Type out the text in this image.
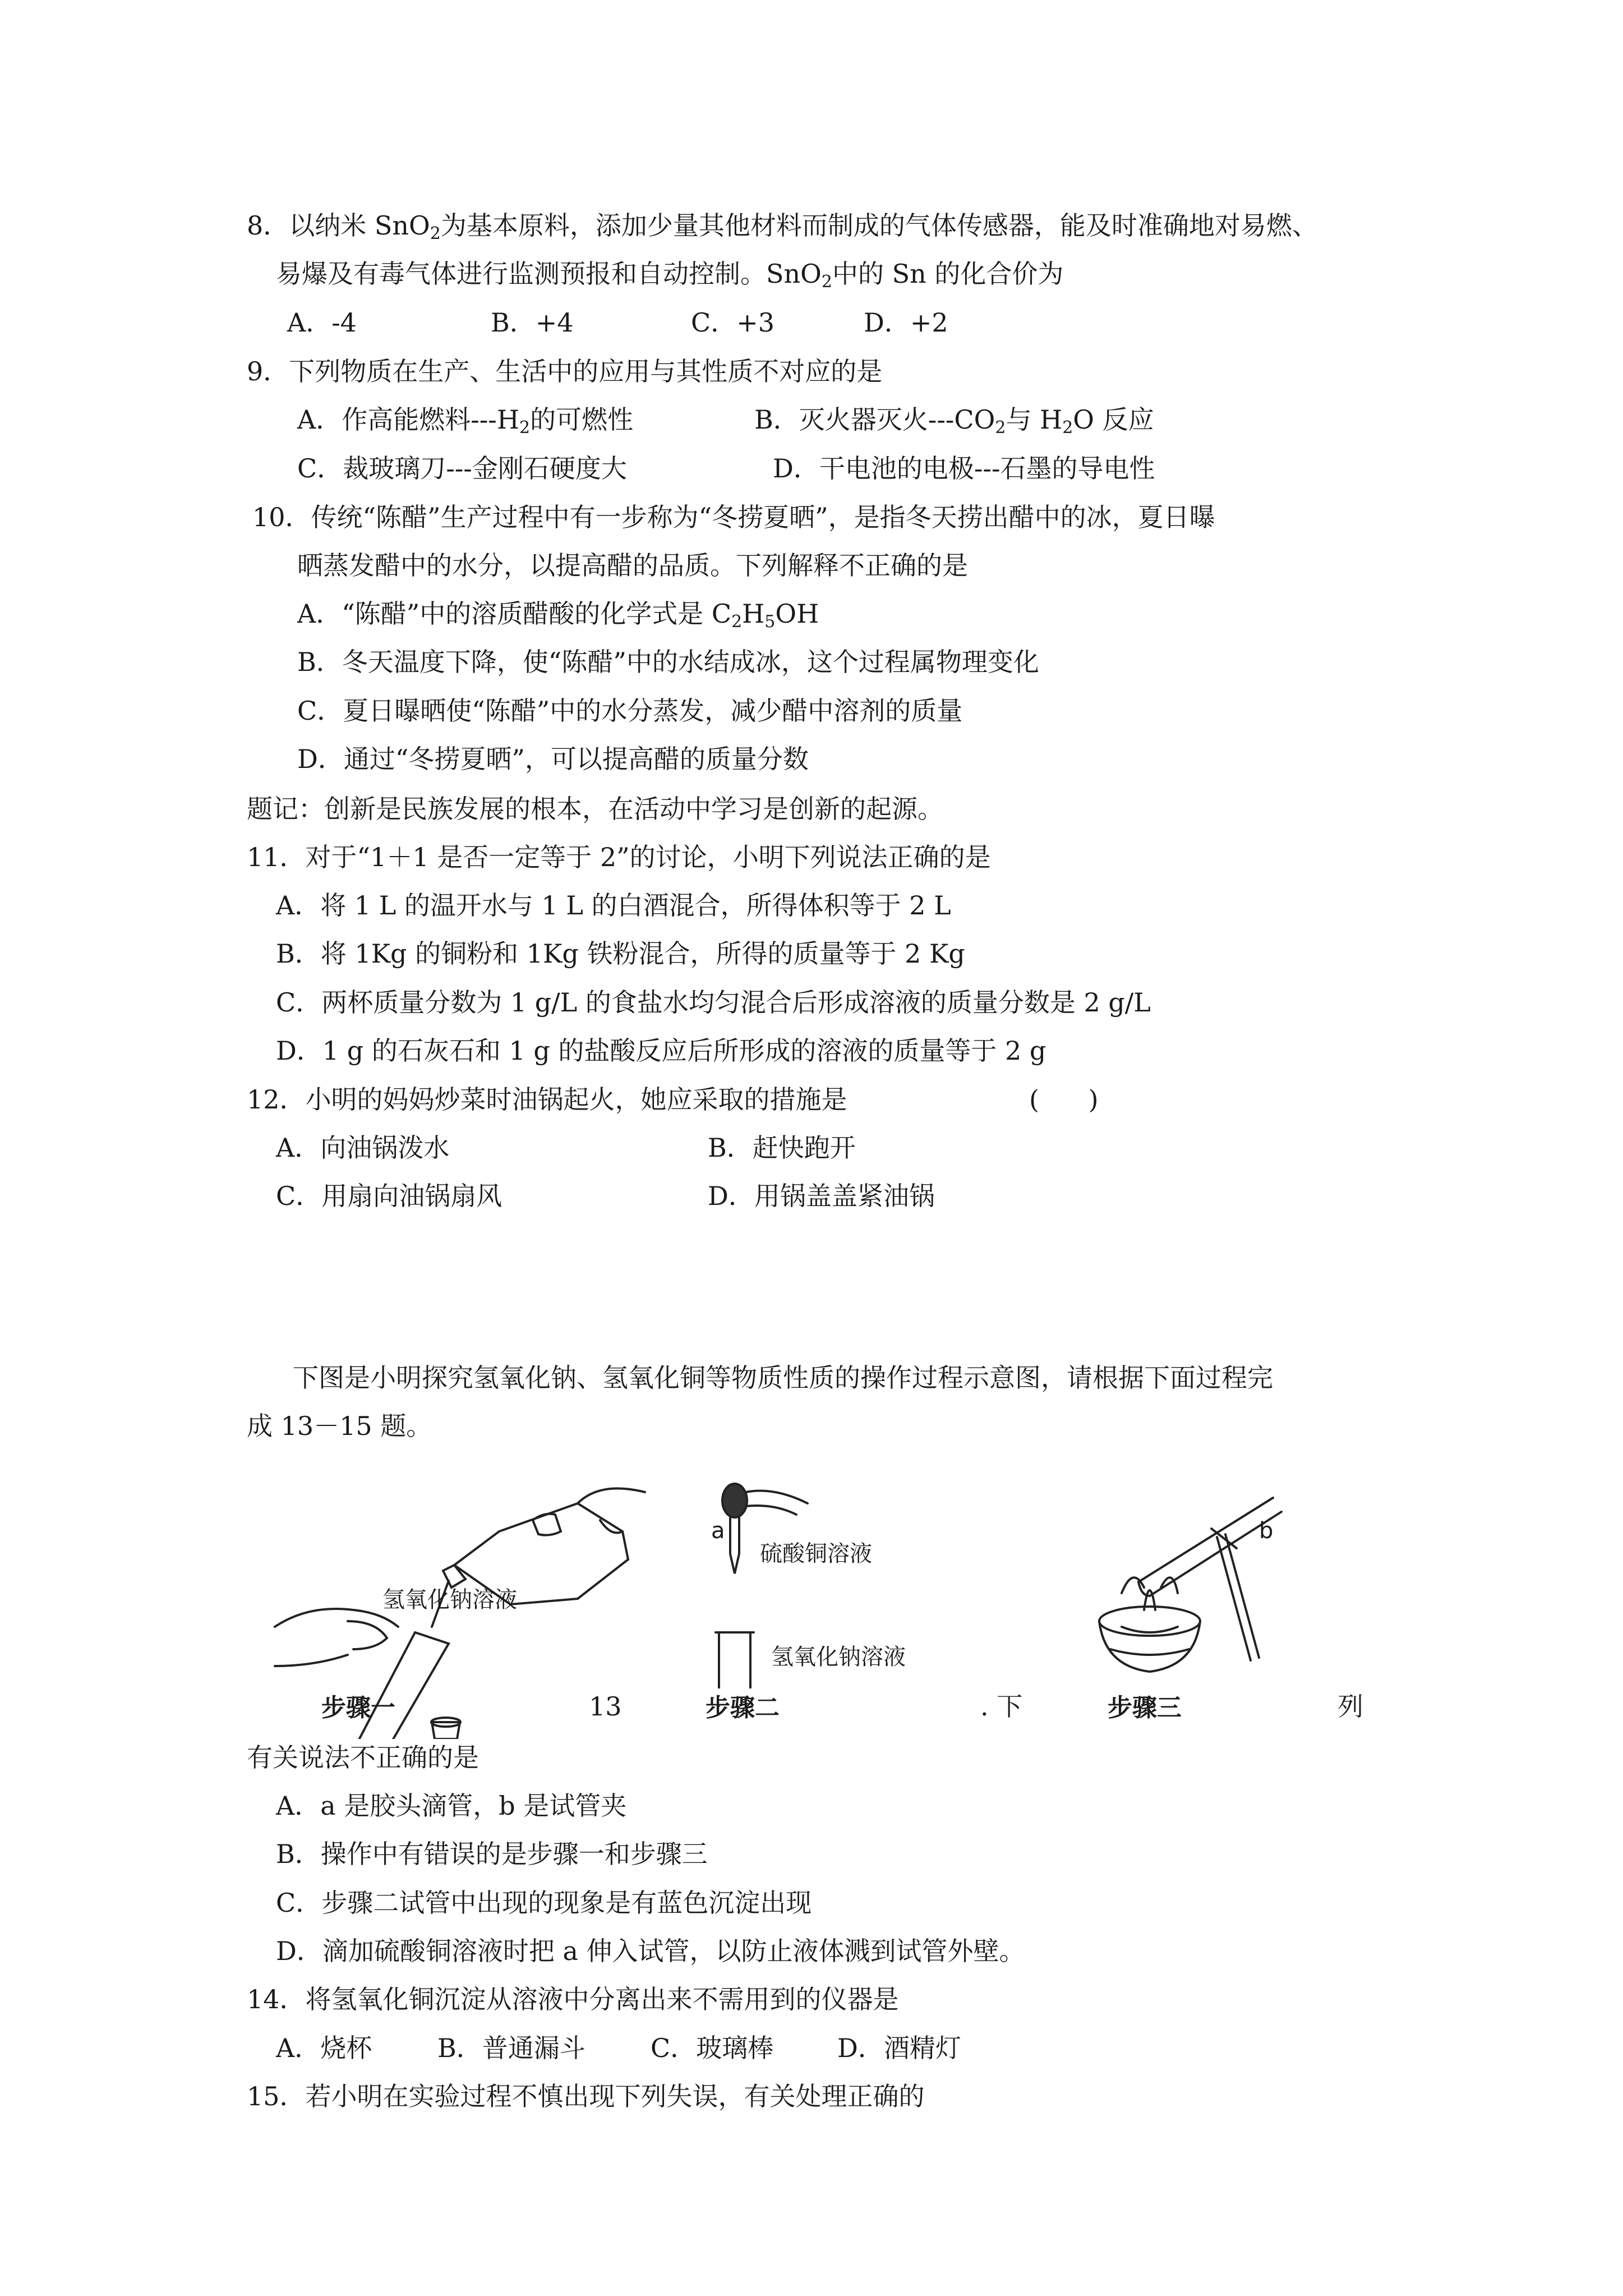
8．以纳米 SnO$_2$为基本原料，添加少量其他材料而制成的气体传感器，能及时准确地对易燃、
易爆及有毒气体进行监测预报和自动控制。SnO$_2$中的 Sn 的化合价为
A．-4	B．+4	C．+3	D．+2
9．下列物质在生产、生活中的应用与其性质不对应的是
A．作高能燃料$---H_2$的可燃性	B．灭火器灭火$---CO_2$与 $H_2O$ 反应
C．裁玻璃刀---金刚石硬度大	D．干电池的电极---石墨的导电性
10．传统“陈醋”生产过程中有一步称为“冬捞夏晒”，是指冬天捞出醋中的冰，夏日曝
晒蒸发醋中的水分，以提高醋的品质。下列解释不正确的是
A．“陈醋”中的溶质醋酸的化学式是 $C_2H_5OH$
B．冬天温度下降，使“陈醋”中的水结成冰，这个过程属物理变化
C．夏日曝晒使“陈醋”中的水分蒸发，减少醋中溶剂的质量
D．通过“冬捞夏晒”，可以提高醋的质量分数
题记：创新是民族发展的根本，在活动中学习是创新的起源。
11．对于“1＋1 是否一定等于 2”的讨论，小明下列说法正确的是
A．将 1 L 的温开水与 1 L 的白酒混合，所得体积等于 2 L
B．将 1Kg 的铜粉和 1Kg 铁粉混合，所得的质量等于 2 Kg
C．两杯质量分数为 1 g/L 的食盐水均匀混合后形成溶液的质量分数是 2 g/L
D．1 g 的石灰石和 1 g 的盐酸反应后所形成的溶液的质量等于 2 g
12．小明的妈妈炒菜时油锅起火，她应采取的措施是	(      )
A．向油锅泼水	B．赶快跑开
C．用扇向油锅扇风	D．用锅盖盖紧油锅
下图是小明探究氢氧化钠、氢氧化铜等物质性质的操作过程示意图，请根据下面过程完
成 13－15 题。
氢氧化钠溶液
步骤一	13
a
硫酸铜溶液
氢氧化钠溶液
步骤二	. 下
b
步骤三	列
有关说法不正确的是
A．a 是胶头滴管，b 是试管夹
B．操作中有错误的是步骤一和步骤三
C．步骤二试管中出现的现象是有蓝色沉淀出现
D．滴加硫酸铜溶液时把 a 伸入试管，以防止液体溅到试管外壁。
14．将氢氧化铜沉淀从溶液中分离出来不需用到的仪器是
A．烧杯	B．普通漏斗	C．玻璃棒 D．酒精灯
15．若小明在实验过程不慎出现下列失误，有关处理正确的
